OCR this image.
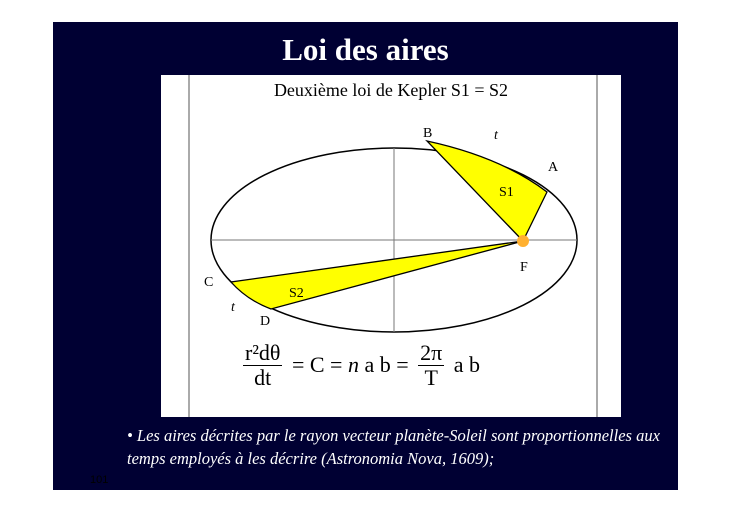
Loi des aires
B	t
A
S1
F
C
S2
t
D
Deuxième loi de Kepler S1 = S2
$\frac{\text{r²dθ}}{dt} = C = n$ a $b = \frac{2\pi}{T}$ a b
• Les aires décrites par le rayon vecteur planète-Soleil sont proportionnelles aux temps employés à les décrire (Astronomia Nova, 1609);
101
